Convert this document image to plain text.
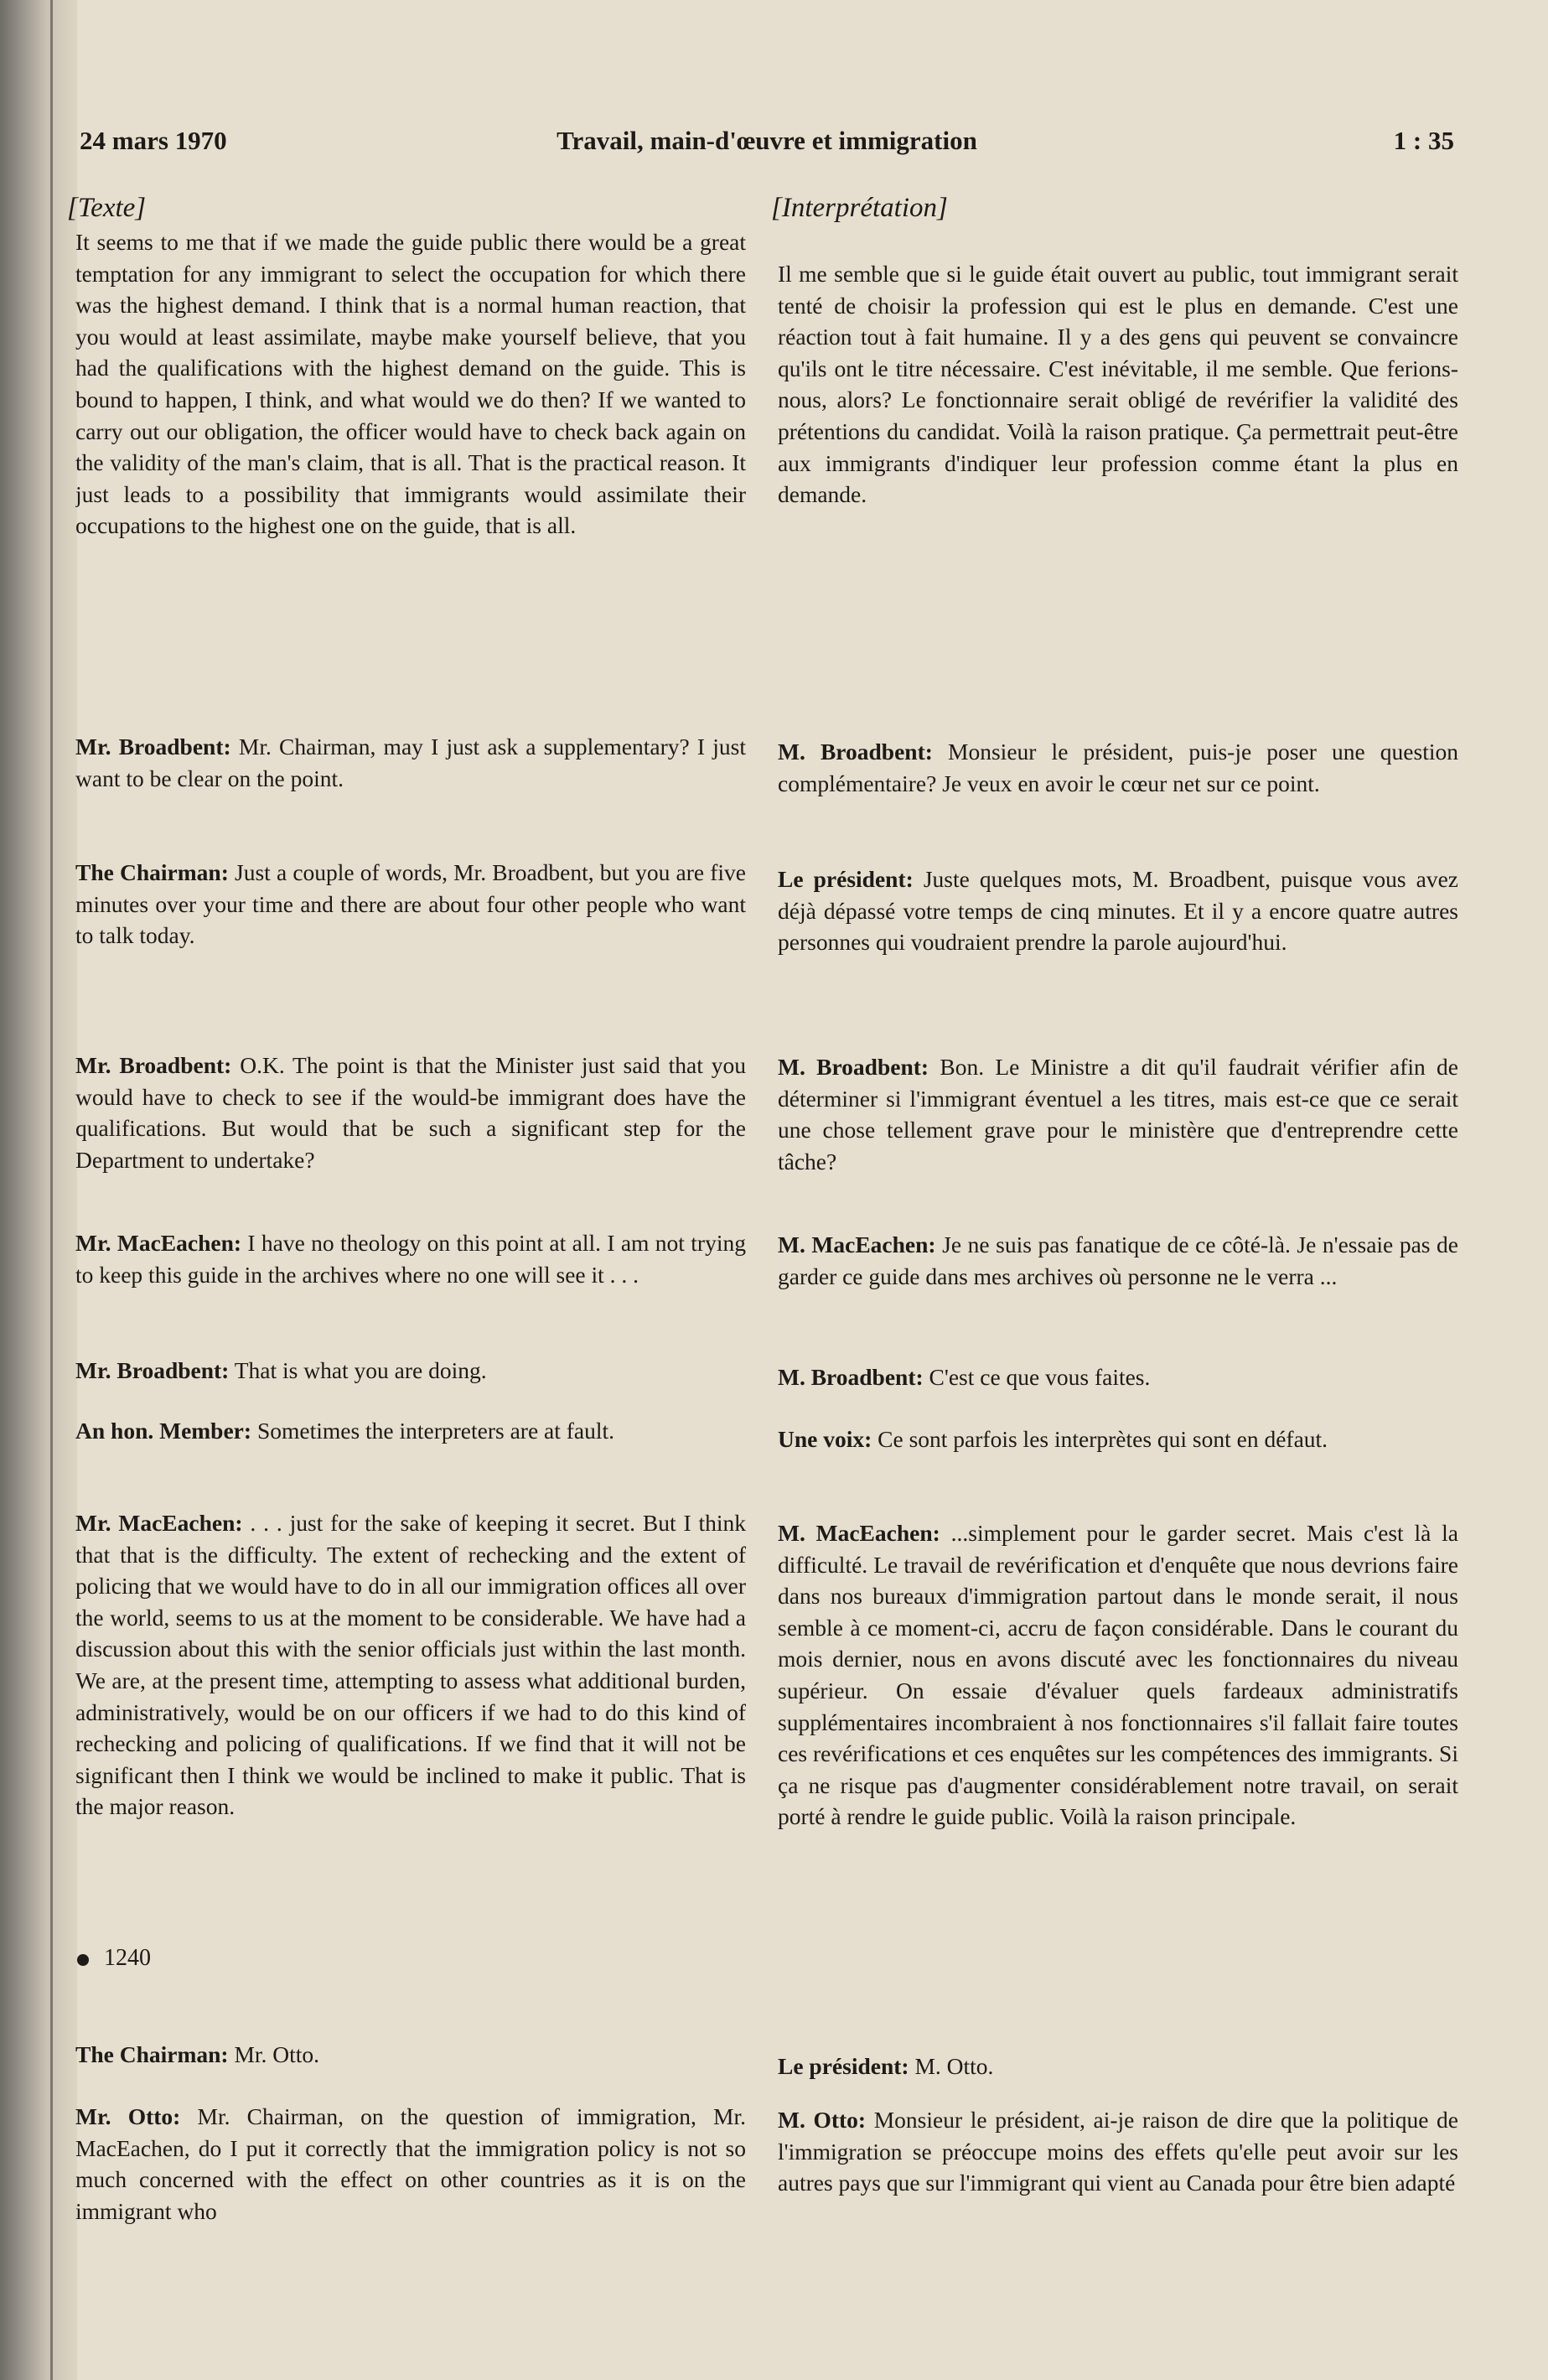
24 mars 1970	Travail, main-d'œuvre et immigration	1 : 35
[Texte]	[Interprétation]

It seems to me that if we made the guide public there would be a great temptation for any immigrant to select the occupation for which there was the highest demand. I think that is a normal human reaction, that you would at least assimilate, maybe make yourself believe, that you had the qualifications with the highest demand on the guide. This is bound to happen, I think, and what would we do then? If we wanted to carry out our obligation, the officer would have to check back again on the validity of the man's claim, that is all. That is the practical reason. It just leads to a possibility that immigrants would assimilate their occupations to the highest one on the guide, that is all.

Mr. Broadbent: Mr. Chairman, may I just ask a supplementary? I just want to be clear on the point.

The Chairman: Just a couple of words, Mr. Broadbent, but you are five minutes over your time and there are about four other people who want to talk today.

Mr. Broadbent: O.K. The point is that the Minister just said that you would have to check to see if the would-be immigrant does have the qualifications. But would that be such a significant step for the Department to undertake?

Mr. MacEachen: I have no theology on this point at all. I am not trying to keep this guide in the archives where no one will see it . . .

Mr. Broadbent: That is what you are doing.

An hon. Member: Sometimes the interpreters are at fault.

Mr. MacEachen: . . . just for the sake of keeping it secret. But I think that that is the difficulty. The extent of rechecking and the extent of policing that we would have to do in all our immigration offices all over the world, seems to us at the moment to be considerable. We have had a discussion about this with the senior officials just within the last month. We are, at the present time, attempting to assess what additional burden, administratively, would be on our officers if we had to do this kind of rechecking and policing of qualifications. If we find that it will not be significant then I think we would be inclined to make it public. That is the major reason.

1240

The Chairman: Mr. Otto.

Mr. Otto: Mr. Chairman, on the question of immigration, Mr. MacEachen, do I put it correctly that the immigration policy is not so much concerned with the effect on other countries as it is on the immigrant who

Il me semble que si le guide était ouvert au public, tout immigrant serait tenté de choisir la profession qui est le plus en demande. C'est une réaction tout à fait humaine. Il y a des gens qui peuvent se convaincre qu'ils ont le titre nécessaire. C'est inévitable, il me semble. Que ferions-nous, alors? Le fonctionnaire serait obligé de revérifier la validité des prétentions du candidat. Voilà la raison pratique. Ça permettrait peut-être aux immigrants d'indiquer leur profession comme étant la plus en demande.

M. Broadbent: Monsieur le président, puis-je poser une question complémentaire? Je veux en avoir le cœur net sur ce point.

Le président: Juste quelques mots, M. Broadbent, puisque vous avez déjà dépassé votre temps de cinq minutes. Et il y a encore quatre autres personnes qui voudraient prendre la parole aujourd'hui.

M. Broadbent: Bon. Le Ministre a dit qu'il faudrait vérifier afin de déterminer si l'immigrant éventuel a les titres, mais est-ce que ce serait une chose tellement grave pour le ministère que d'entreprendre cette tâche?

M. MacEachen: Je ne suis pas fanatique de ce côté-là. Je n'essaie pas de garder ce guide dans mes archives où personne ne le verra ...

M. Broadbent: C'est ce que vous faites.

Une voix: Ce sont parfois les interprètes qui sont en défaut.

M. MacEachen: ...simplement pour le garder secret. Mais c'est là la difficulté. Le travail de revérification et d'enquête que nous devrions faire dans nos bureaux d'immigration partout dans le monde serait, il nous semble à ce moment-ci, accru de façon considérable. Dans le courant du mois dernier, nous en avons discuté avec les fonctionnaires du niveau supérieur. On essaie d'évaluer quels fardeaux administratifs supplémentaires incombraient à nos fonctionnaires s'il fallait faire toutes ces revérifications et ces enquêtes sur les compétences des immigrants. Si ça ne risque pas d'augmenter considérablement notre travail, on serait porté à rendre le guide public. Voilà la raison principale.

Le président: M. Otto.

M. Otto: Monsieur le président, ai-je raison de dire que la politique de l'immigration se préoccupe moins des effets qu'elle peut avoir sur les autres pays que sur l'immigrant qui vient au Canada pour être bien adapté
